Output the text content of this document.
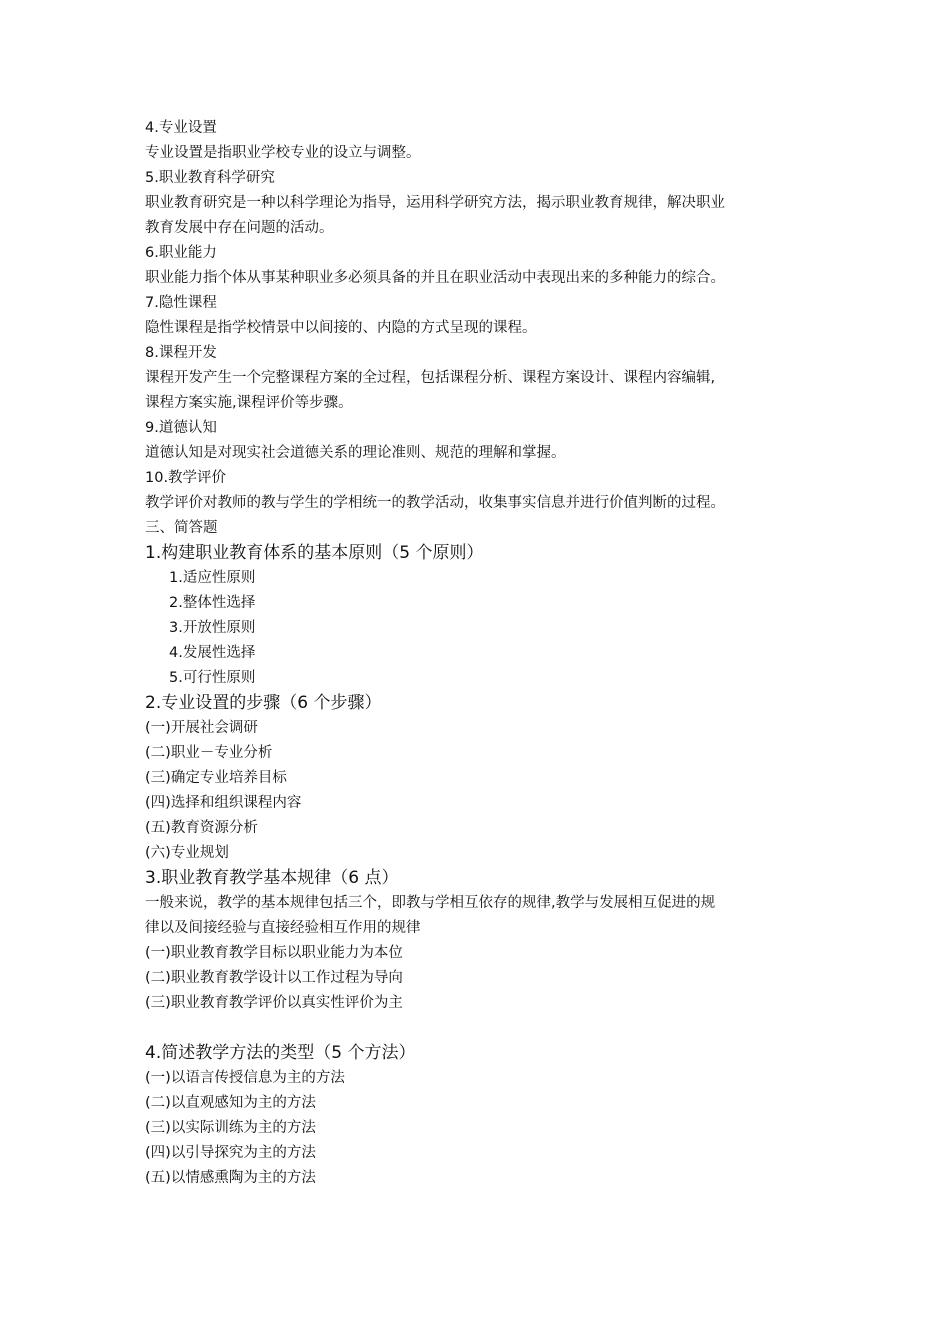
4.专业设置
专业设置是指职业学校专业的设立与调整。
5.职业教育科学研究
职业教育研究是一种以科学理论为指导，运用科学研究方法，揭示职业教育规律，解决职业
教育发展中存在问题的活动。
6.职业能力
职业能力指个体从事某种职业多必须具备的并且在职业活动中表现出来的多种能力的综合。
7.隐性课程
隐性课程是指学校情景中以间接的、内隐的方式呈现的课程。
8.课程开发
课程开发产生一个完整课程方案的全过程，包括课程分析、课程方案设计、课程内容编辑,
课程方案实施,课程评价等步骤。
9.道德认知
道德认知是对现实社会道德关系的理论准则、规范的理解和掌握。
10.教学评价
教学评价对教师的教与学生的学相统一的教学活动，收集事实信息并进行价值判断的过程。
三、简答题
1.构建职业教育体系的基本原则（5 个原则）
1.适应性原则
2.整体性选择
3.开放性原则
4.发展性选择
5.可行性原则
2.专业设置的步骤（6 个步骤）
(一)开展社会调研
(二)职业－专业分析
(三)确定专业培养目标
(四)选择和组织课程内容
(五)教育资源分析
(六)专业规划
3.职业教育教学基本规律（6 点）
一般来说，教学的基本规律包括三个，即教与学相互依存的规律,教学与发展相互促进的规
律以及间接经验与直接经验相互作用的规律
(一)职业教育教学目标以职业能力为本位
(二)职业教育教学设计以工作过程为导向
(三)职业教育教学评价以真实性评价为主
4.简述教学方法的类型（5 个方法）
(一)以语言传授信息为主的方法
(二)以直观感知为主的方法
(三)以实际训练为主的方法
(四)以引导探究为主的方法
(五)以情感熏陶为主的方法
